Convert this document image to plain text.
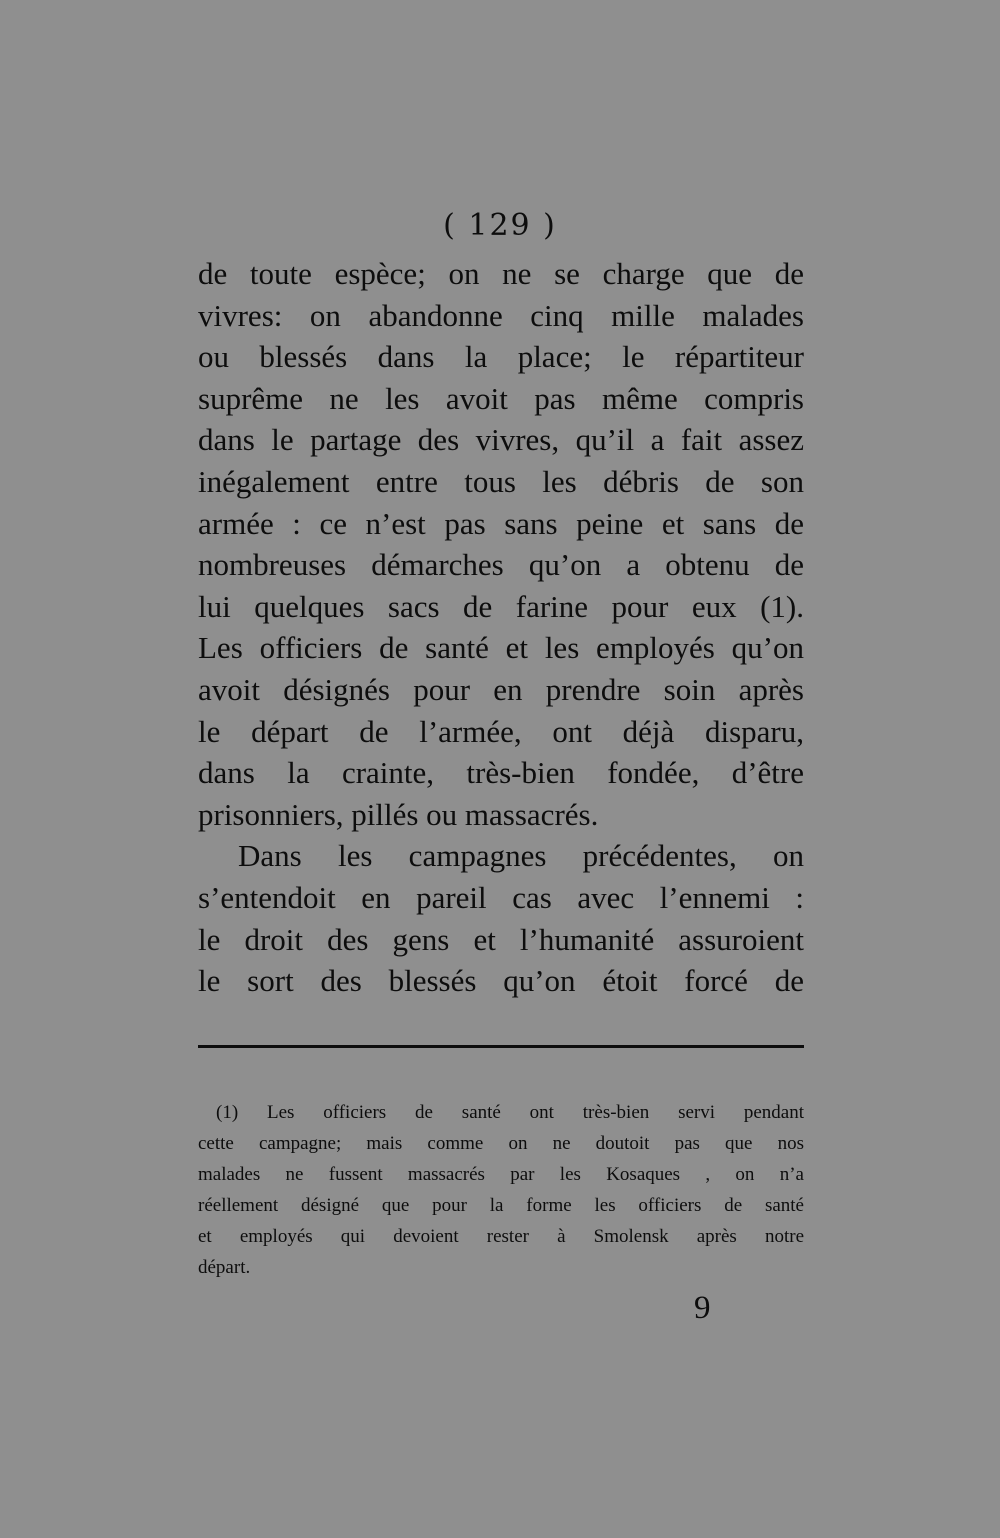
( 129 )
de toute espèce; on ne se charge que de
vivres: on abandonne cinq mille malades
ou blessés dans la place; le répartiteur
suprême ne les avoit pas même compris
dans le partage des vivres, qu’il a fait assez
inégalement entre tous les débris de son
armée : ce n’est pas sans peine et sans de
nombreuses démarches qu’on a obtenu de
lui quelques sacs de farine pour eux (1).
Les officiers de santé et les employés qu’on
avoit désignés pour en prendre soin après
le départ de l’armée, ont déjà disparu,
dans la crainte, très-bien fondée, d’être
prisonniers, pillés ou massacrés.
Dans les campagnes précédentes, on
s’entendoit en pareil cas avec l’ennemi :
le droit des gens et l’humanité assuroient
le sort des blessés qu’on étoit forcé de
(1) Les officiers de santé ont très-bien servi pendant
cette campagne; mais comme on ne doutoit pas que nos
malades ne fussent massacrés par les Kosaques , on n’a
réellement désigné que pour la forme les officiers de santé
et employés qui devoient rester à Smolensk après notre
départ.
9
